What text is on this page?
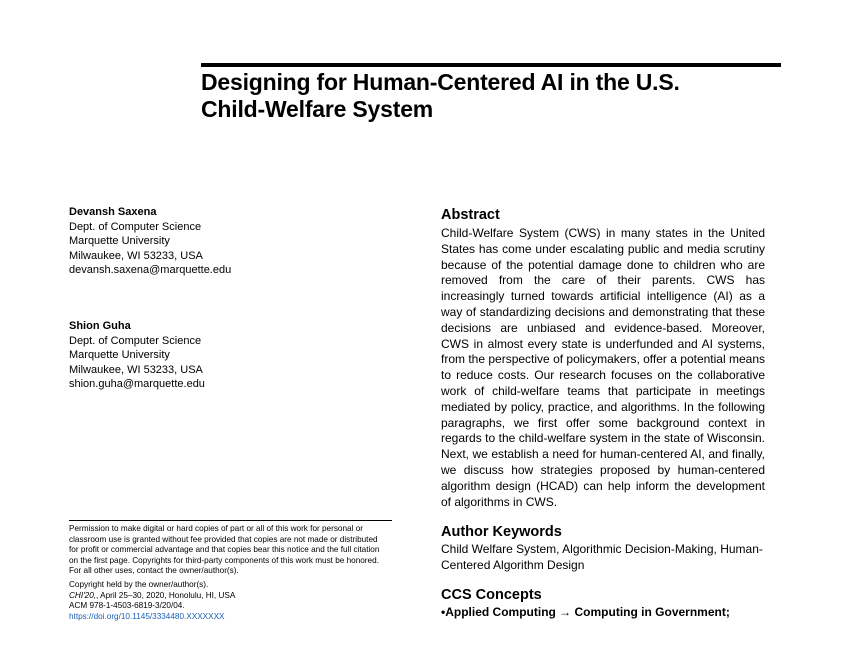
Designing for Human-Centered AI in the U.S.
Child-Welfare System
Devansh Saxena
Dept. of Computer Science
Marquette University
Milwaukee, WI 53233, USA
devansh.saxena@marquette.edu
Shion Guha
Dept. of Computer Science
Marquette University
Milwaukee, WI 53233, USA
shion.guha@marquette.edu
Permission to make digital or hard copies of part or all of this work for personal or
classroom use is granted without fee provided that copies are not made or distributed
for profit or commercial advantage and that copies bear this notice and the full citation
on the first page. Copyrights for third-party components of this work must be honored.
For all other uses, contact the owner/author(s).
Copyright held by the owner/author(s).
CHI'20,, April 25–30, 2020, Honolulu, HI, USA
ACM 978-1-4503-6819-3/20/04.
https://doi.org/10.1145/3334480.XXXXXXX
Abstract
Child-Welfare System (CWS) in many states in the United States has come under escalating public and media scrutiny because of the potential damage done to children who are removed from the care of their parents. CWS has increasingly turned towards artificial intelligence (AI) as a way of standardizing decisions and demonstrating that these decisions are unbiased and evidence-based. Moreover, CWS in almost every state is underfunded and AI systems, from the perspective of policymakers, offer a potential means to reduce costs. Our research focuses on the collaborative work of child-welfare teams that participate in meetings mediated by policy, practice, and algorithms. In the following paragraphs, we first offer some background context in regards to the child-welfare system in the state of Wisconsin. Next, we establish a need for human-centered AI, and finally, we discuss how strategies proposed by human-centered algorithm design (HCAD) can help inform the development of algorithms in CWS.
Author Keywords
Child Welfare System, Algorithmic Decision-Making, Human-
Centered Algorithm Design
CCS Concepts
•Applied Computing → Computing in Government;
